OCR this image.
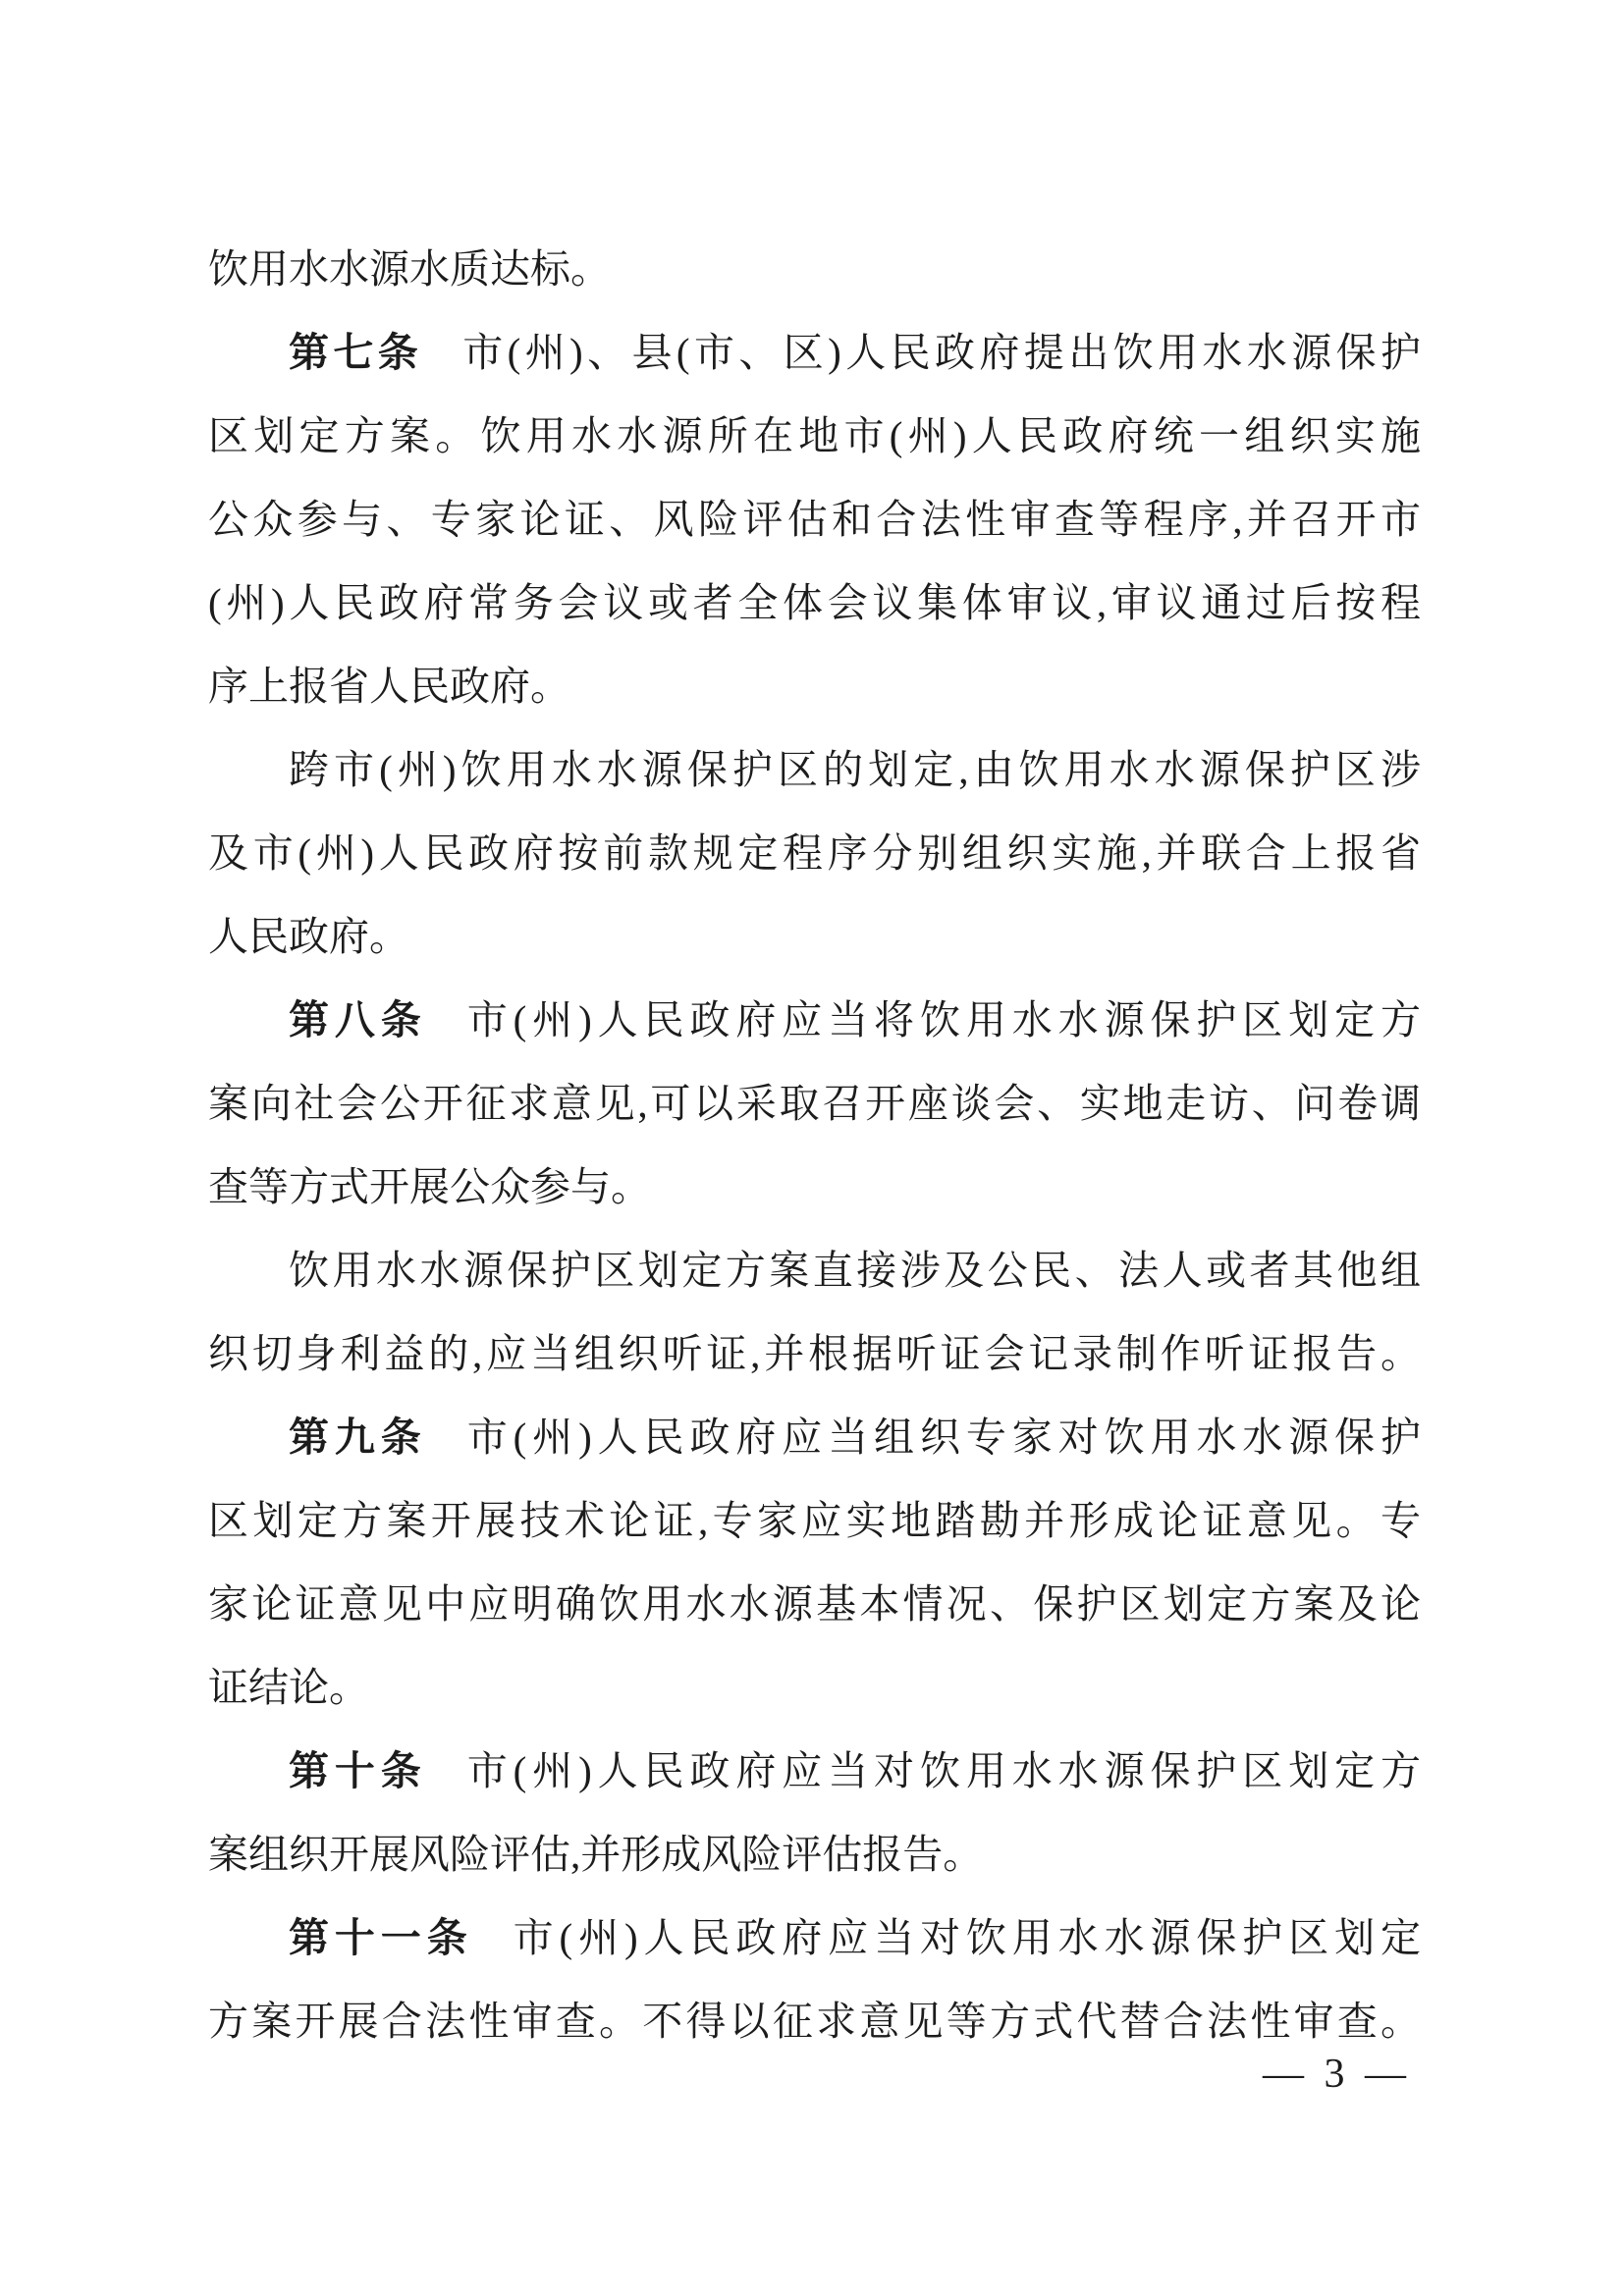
饮用水水源水质达标。
第七条 市(州)、县(市、区)人民政府提出饮用水水源保护
区划定方案。饮用水水源所在地市(州)人民政府统一组织实施
公众参与、专家论证、风险评估和合法性审查等程序,并召开市
(州)人民政府常务会议或者全体会议集体审议,审议通过后按程
序上报省人民政府。
跨市(州)饮用水水源保护区的划定,由饮用水水源保护区涉
及市(州)人民政府按前款规定程序分别组织实施,并联合上报省
人民政府。
第八条 市(州)人民政府应当将饮用水水源保护区划定方
案向社会公开征求意见,可以采取召开座谈会、实地走访、问卷调
查等方式开展公众参与。
饮用水水源保护区划定方案直接涉及公民、法人或者其他组
织切身利益的,应当组织听证,并根据听证会记录制作听证报告。
第九条 市(州)人民政府应当组织专家对饮用水水源保护
区划定方案开展技术论证,专家应实地踏勘并形成论证意见。专
家论证意见中应明确饮用水水源基本情况、保护区划定方案及论
证结论。
第十条 市(州)人民政府应当对饮用水水源保护区划定方
案组织开展风险评估,并形成风险评估报告。
第十一条 市(州)人民政府应当对饮用水水源保护区划定
方案开展合法性审查。不得以征求意见等方式代替合法性审查。
— 3 —
